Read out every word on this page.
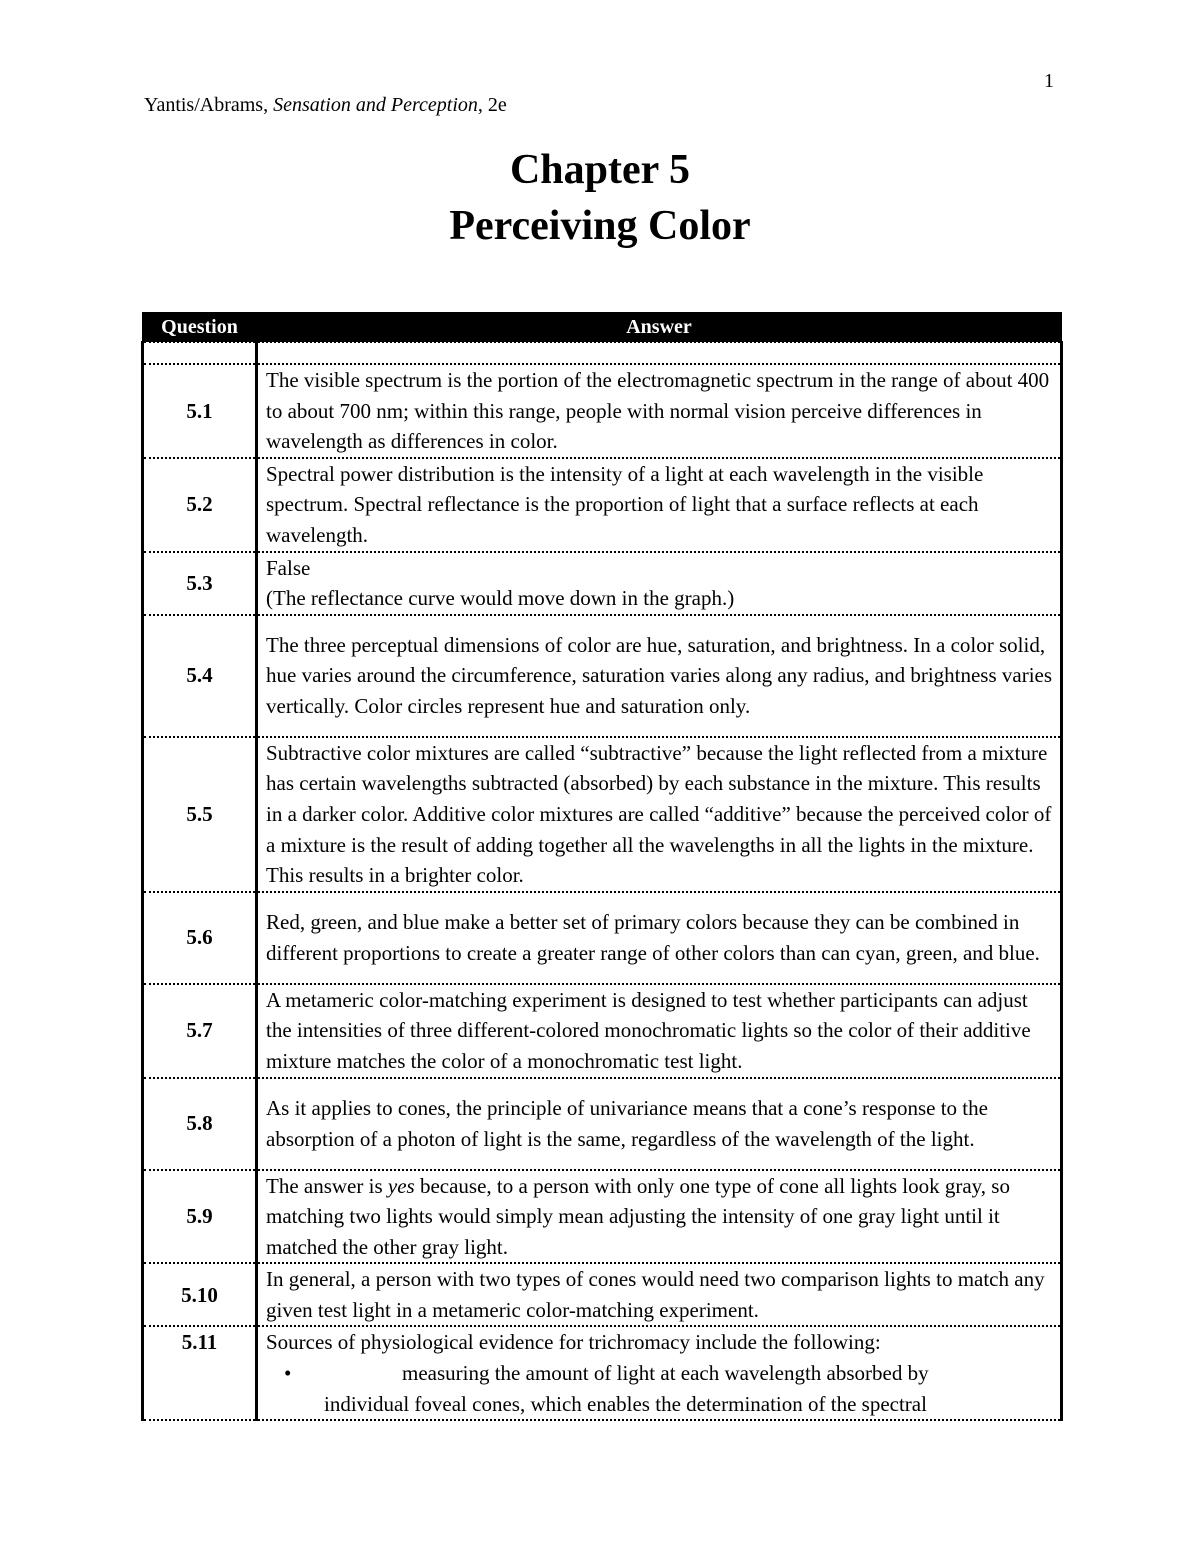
1
Yantis/Abrams, Sensation and Perception, 2e
Chapter 5
Perceiving Color
Question	Answer

5.1	The visible spectrum is the portion of the electromagnetic spectrum in the range of about 400 to about 700 nm; within this range, people with normal vision perceive differences in wavelength as differences in color.
5.2	Spectral power distribution is the intensity of a light at each wavelength in the visible spectrum. Spectral reflectance is the proportion of light that a surface reflects at each wavelength.
5.3	False
(The reflectance curve would move down in the graph.)

5.4	The three perceptual dimensions of color are hue, saturation, and brightness. In a color solid, hue varies around the circumference, saturation varies along any radius, and brightness varies vertically. Color circles represent hue and saturation only.
5.5	Subtractive color mixtures are called “subtractive” because the light reflected from a mixture has certain wavelengths subtracted (absorbed) by each substance in the mixture. This results in a darker color. Additive color mixtures are called “additive” because the perceived color of a mixture is the result of adding together all the wavelengths in all the lights in the mixture. This results in a brighter color.
5.6	Red, green, and blue make a better set of primary colors because they can be combined in different proportions to create a greater range of other colors than can cyan, green, and blue.
5.7	A metameric color-matching experiment is designed to test whether participants can adjust the intensities of three different-colored monochromatic lights so the color of their additive mixture matches the color of a monochromatic test light.
5.8	As it applies to cones, the principle of univariance means that a cone’s response to the absorption of a photon of light is the same, regardless of the wavelength of the light.
5.9	The answer is yes because, to a person with only one type of cone all lights look gray, so matching two lights would simply mean adjusting the intensity of one gray light until it matched the other gray light.
5.10	In general, a person with two types of cones would need two comparison lights to match any given test light in a metameric color-matching experiment.
5.11	Sources of physiological evidence for trichromacy include the following:
• measuring the amount of light at each wavelength absorbed by
individual foveal cones, which enables the determination of the spectral
